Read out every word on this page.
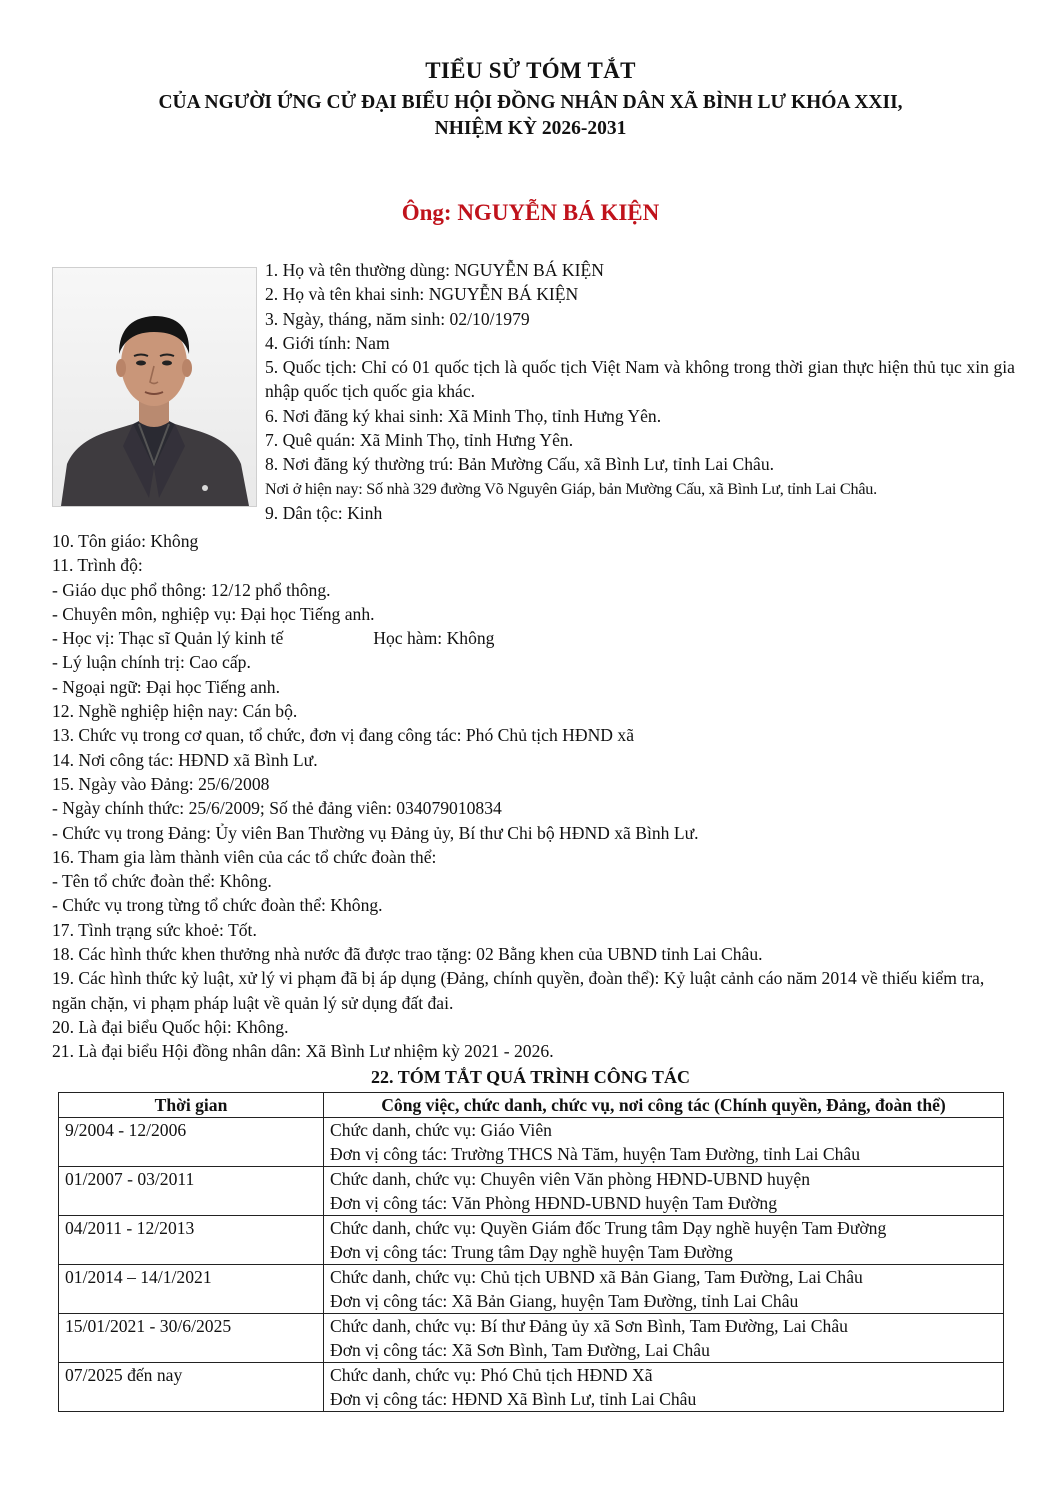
TIỂU SỬ TÓM TẮT
CỦA NGƯỜI ỨNG CỬ ĐẠI BIỂU HỘI ĐỒNG NHÂN DÂN XÃ BÌNH LƯ KHÓA XXII,
NHIỆM KỲ 2026-2031
Ông: NGUYỄN BÁ KIỆN
1. Họ và tên thường dùng: NGUYỄN BÁ KIỆN
2. Họ và tên khai sinh: NGUYỄN BÁ KIỆN
3. Ngày, tháng, năm sinh: 02/10/1979
4. Giới tính: Nam
5. Quốc tịch: Chỉ có 01 quốc tịch là quốc tịch Việt Nam và không trong thời gian thực hiện thủ tục xin gia nhập quốc tịch quốc gia khác.
6. Nơi đăng ký khai sinh: Xã Minh Thọ, tỉnh Hưng Yên.
7. Quê quán: Xã Minh Thọ, tỉnh Hưng Yên.
8. Nơi đăng ký thường trú: Bản Mường Cấu, xã Bình Lư, tỉnh Lai Châu.
Nơi ở hiện nay: Số nhà 329 đường Võ Nguyên Giáp, bản Mường Cấu, xã Bình Lư, tỉnh Lai Châu.
9. Dân tộc: Kinh
10. Tôn giáo: Không
11. Trình độ:
- Giáo dục phổ thông: 12/12 phổ thông.
- Chuyên môn, nghiệp vụ: Đại học Tiếng anh.
- Học vị: Thạc sĩ Quản lý kinh tế	Học hàm: Không
- Lý luận chính trị: Cao cấp.
- Ngoại ngữ: Đại học Tiếng anh.
12. Nghề nghiệp hiện nay: Cán bộ.
13. Chức vụ trong cơ quan, tổ chức, đơn vị đang công tác: Phó Chủ tịch HĐND xã
14. Nơi công tác: HĐND xã Bình Lư.
15. Ngày vào Đảng: 25/6/2008
- Ngày chính thức: 25/6/2009; Số thẻ đảng viên: 034079010834
- Chức vụ trong Đảng: Ủy viên Ban Thường vụ Đảng ủy, Bí thư Chi bộ HĐND xã Bình Lư.
16. Tham gia làm thành viên của các tổ chức đoàn thể:
- Tên tổ chức đoàn thể: Không.
- Chức vụ trong từng tổ chức đoàn thể: Không.
17. Tình trạng sức khoẻ: Tốt.
18. Các hình thức khen thưởng nhà nước đã được trao tặng: 02 Bằng khen của UBND tỉnh Lai Châu.
19. Các hình thức kỷ luật, xử lý vi phạm đã bị áp dụng (Đảng, chính quyền, đoàn thể): Kỷ luật cảnh cáo năm 2014 về thiếu kiểm tra, ngăn chặn, vi phạm pháp luật về quản lý sử dụng đất đai.
20. Là đại biểu Quốc hội: Không.
21. Là đại biểu Hội đồng nhân dân: Xã Bình Lư nhiệm kỳ 2021 - 2026.
22. TÓM TẮT QUÁ TRÌNH CÔNG TÁC
Thời gian	Công việc, chức danh, chức vụ, nơi công tác (Chính quyền, Đảng, đoàn thể)
9/2004 - 12/2006	Chức danh, chức vụ: Giáo Viên
Đơn vị công tác: Trường THCS Nà Tăm, huyện Tam Đường, tỉnh Lai Châu

01/2007 - 03/2011	Chức danh, chức vụ: Chuyên viên Văn phòng HĐND-UBND huyện
Đơn vị công tác: Văn Phòng HĐND-UBND huyện Tam Đường

04/2011 - 12/2013	Chức danh, chức vụ: Quyền Giám đốc Trung tâm Dạy nghề huyện Tam Đường
Đơn vị công tác: Trung tâm Dạy nghề huyện Tam Đường

01/2014 – 14/1/2021	Chức danh, chức vụ: Chủ tịch UBND xã Bản Giang, Tam Đường, Lai Châu
Đơn vị công tác: Xã Bản Giang, huyện Tam Đường, tỉnh Lai Châu

15/01/2021 - 30/6/2025	Chức danh, chức vụ: Bí thư Đảng ủy xã Sơn Bình, Tam Đường, Lai Châu
Đơn vị công tác: Xã Sơn Bình, Tam Đường, Lai Châu

07/2025 đến nay	Chức danh, chức vụ: Phó Chủ tịch HĐND Xã
Đơn vị công tác: HĐND Xã Bình Lư, tỉnh Lai Châu
